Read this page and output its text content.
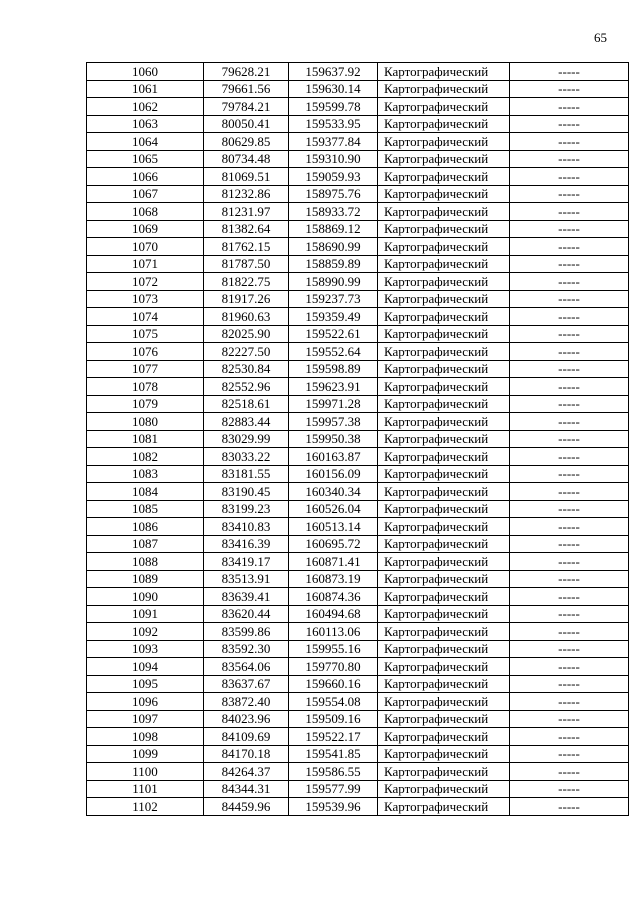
65
1060	79628.21	159637.92	Картографический	-----
1061	79661.56	159630.14	Картографический	-----
1062	79784.21	159599.78	Картографический	-----
1063	80050.41	159533.95	Картографический	-----
1064	80629.85	159377.84	Картографический	-----
1065	80734.48	159310.90	Картографический	-----
1066	81069.51	159059.93	Картографический	-----
1067	81232.86	158975.76	Картографический	-----
1068	81231.97	158933.72	Картографический	-----
1069	81382.64	158869.12	Картографический	-----
1070	81762.15	158690.99	Картографический	-----
1071	81787.50	158859.89	Картографический	-----
1072	81822.75	158990.99	Картографический	-----
1073	81917.26	159237.73	Картографический	-----
1074	81960.63	159359.49	Картографический	-----
1075	82025.90	159522.61	Картографический	-----
1076	82227.50	159552.64	Картографический	-----
1077	82530.84	159598.89	Картографический	-----
1078	82552.96	159623.91	Картографический	-----
1079	82518.61	159971.28	Картографический	-----
1080	82883.44	159957.38	Картографический	-----
1081	83029.99	159950.38	Картографический	-----
1082	83033.22	160163.87	Картографический	-----
1083	83181.55	160156.09	Картографический	-----
1084	83190.45	160340.34	Картографический	-----
1085	83199.23	160526.04	Картографический	-----
1086	83410.83	160513.14	Картографический	-----
1087	83416.39	160695.72	Картографический	-----
1088	83419.17	160871.41	Картографический	-----
1089	83513.91	160873.19	Картографический	-----
1090	83639.41	160874.36	Картографический	-----
1091	83620.44	160494.68	Картографический	-----
1092	83599.86	160113.06	Картографический	-----
1093	83592.30	159955.16	Картографический	-----
1094	83564.06	159770.80	Картографический	-----
1095	83637.67	159660.16	Картографический	-----
1096	83872.40	159554.08	Картографический	-----
1097	84023.96	159509.16	Картографический	-----
1098	84109.69	159522.17	Картографический	-----
1099	84170.18	159541.85	Картографический	-----
1100	84264.37	159586.55	Картографический	-----
1101	84344.31	159577.99	Картографический	-----
1102	84459.96	159539.96	Картографический	-----
